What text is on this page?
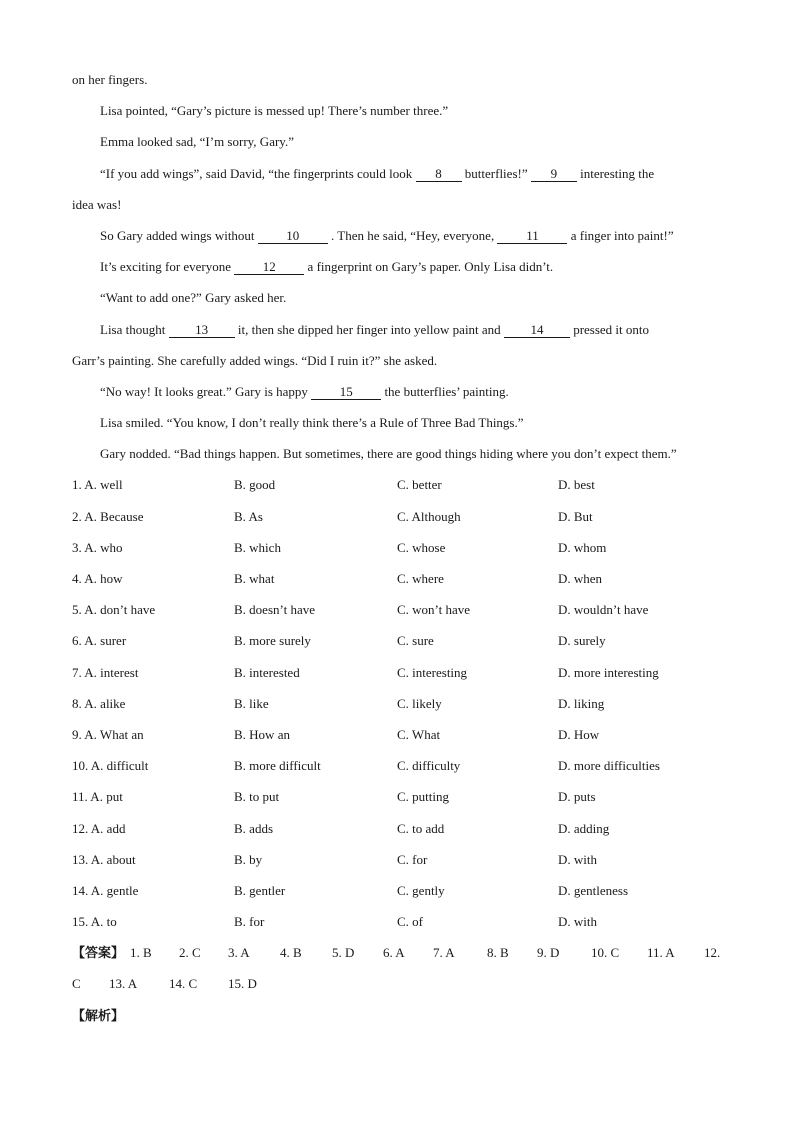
on her fingers.
Lisa pointed, “Gary’s picture is messed up! There’s number three.”
Emma looked sad, “I’m sorry, Gary.”
“If you add wings”, said David, “the fingerprints could look 8 butterflies!” 9 interesting the
idea was!
So Gary added wings without 10 . Then he said, “Hey, everyone, 11 a finger into paint!”
It’s exciting for everyone 12 a fingerprint on Gary’s paper. Only Lisa didn’t.
“Want to add one?” Gary asked her.
Lisa thought 13 it, then she dipped her finger into yellow paint and 14 pressed it onto
Garr’s painting. She carefully added wings. “Did I ruin it?” she asked.
“No way! It looks great.” Gary is happy 15 the butterflies’ painting.
Lisa smiled. “You know, I don’t really think there’s a Rule of Three Bad Things.”
Gary nodded. “Bad things happen. But sometimes, there are good things hiding where you don’t expect them.”
1. A. well	B. good	C. better	D. best
2. A. Because	B. As	C. Although	D. But
3. A. who	B. which	C. whose	D. whom
4. A. how	B. what	C. where	D. when
5. A. don’t have	B. doesn’t have	C. won’t have	D. wouldn’t have
6. A. surer	B. more surely	C. sure	D. surely
7. A. interest	B. interested	C. interesting	D. more interesting
8. A. alike	B. like	C. likely	D. liking
9. A. What an	B. How an	C. What	D. How
10. A. difficult	B. more difficult	C. difficulty	D. more difficulties
11. A. put	B. to put	C. putting	D. puts
12. A. add	B. adds	C. to add	D. adding
13. A. about	B. by	C. for	D. with
14. A. gentle	B. gentler	C. gently	D. gentleness
15. A. to	B. for	C. of	D. with
【答案】 1. B 2. C 3. A 4. B 5. D 6. A 7. A 8. B 9. D 10. C 11. A 12.
C 13. A 14. C 15. D
【解析】
